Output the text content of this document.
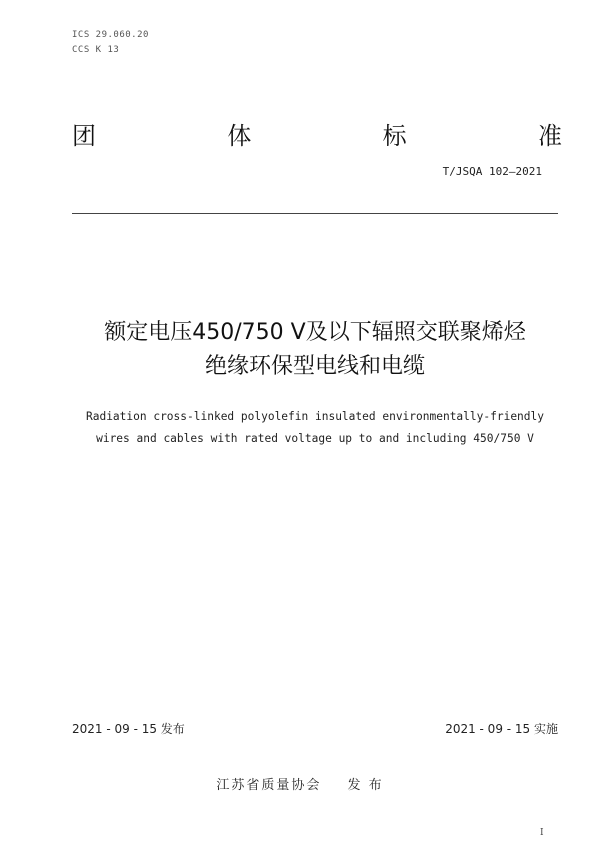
ICS 29.060.20
CCS K 13
团	体	标	准
T/JSQA 102—2021
额定电压450/750 V及以下辐照交联聚烯烃
绝缘环保型电线和电缆
Radiation cross-linked polyolefin insulated environmentally-friendly
wires and cables with rated voltage up to and including 450/750 V
2021 - 09 - 15 发布	2021 - 09 - 15 实施
江苏省质量协会 发 布
I
